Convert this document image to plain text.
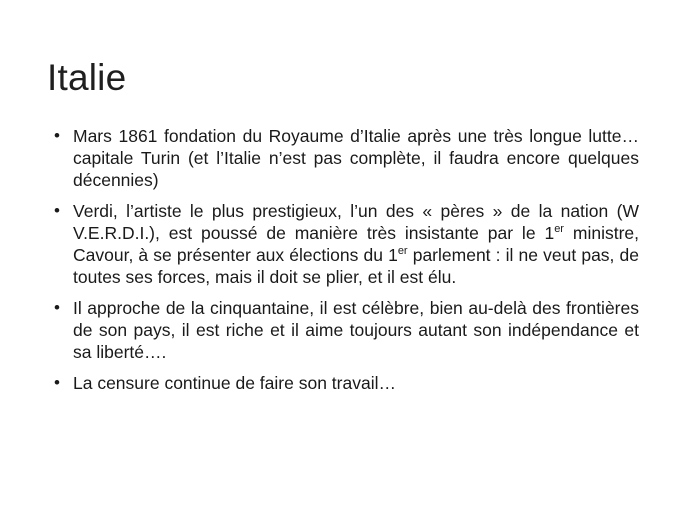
Italie
• Mars 1861 fondation du Royaume d’Italie après une très longue lutte… capitale Turin (et l’Italie n’est pas complète, il faudra encore quelques décennies)
• Verdi, l’artiste le plus prestigieux, l’un des « pères » de la nation (W V.E.R.D.I.), est poussé de manière très insistante par le 1er ministre, Cavour, à se présenter aux élections du 1er parlement : il ne veut pas, de toutes ses forces, mais il doit se plier, et il est élu.
• Il approche de la cinquantaine, il est célèbre, bien au-delà des frontières de son pays, il est riche et il aime toujours autant son indépendance et sa liberté….
• La censure continue de faire son travail…
